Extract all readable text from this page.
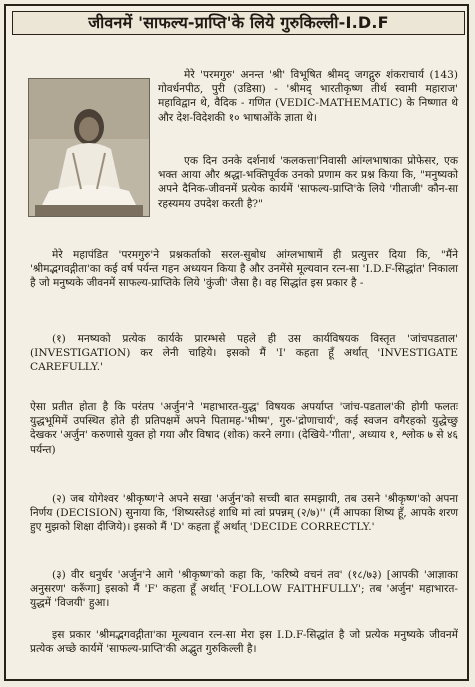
जीवनमें 'साफल्य-प्राप्ति'के लिये गुरुकिल्ली-I.D.F

मेरे 'परमगुरु' अनन्त 'श्री' विभूषित श्रीमद् जगद्गुरु शंकराचार्य (143) गोवर्धनपीठ, पुरी (उडिसा) - 'श्रीमद् भारतीकृष्ण तीर्थ स्वामी महाराज' महाविद्वान थे, वैदिक - गणित (VEDIC-MATHEMATIC) के निष्णात थे और देश-विदेशकी १० भाषाओंके ज्ञाता थे।

एक दिन उनके दर्शनार्थ 'कलकत्ता'निवासी आंग्लभाषाका प्रोफेसर, एक भक्त आया और श्रद्धा-भक्तिपूर्वक उनको प्रणाम कर प्रश्न किया कि, "मनुष्यको अपने दैनिक-जीवनमें प्रत्येक कार्यमें 'साफल्य-प्राप्ति'के लिये 'गीताजी' कौन-सा रहस्यमय उपदेश करती है?"

मेरे महापंडित 'परमगुरु'ने प्रश्नकर्ताको सरल-सुबोध आंग्लभाषामें ही प्रत्युत्तर दिया कि, "मैंने 'श्रीमद्भगवद्गीता'का कई वर्ष पर्यन्त गहन अध्ययन किया है और उनमेंसे मूल्यवान रत्न-सा 'I.D.F-सिद्धांत' निकाला है जो मनुष्यके जीवनमें साफल्य-प्राप्तिके लिये 'कुंजी' जैसा है। वह सिद्धांत इस प्रकार है -

(१) मनष्यको प्रत्येक कार्यके प्रारम्भसे पहले ही उस कार्यविषयक विस्तृत 'जांचपडताल' (INVESTIGATION) कर लेनी चाहिये। इसको मैं 'I' कहता हूँ अर्थात् 'INVESTIGATE CAREFULLY.'

ऐसा प्रतीत होता है कि परंतप 'अर्जुन'ने 'महाभारत-युद्ध' विषयक अपर्याप्त 'जांच-पडताल'की होगी फलतः युद्धभूमिमें उपस्थित होते ही प्रतिपक्षमें अपने पितामह-'भीष्म', गुरु-'द्रोणाचार्य', कई स्वजन वगैरहको युद्धेच्छु देखकर 'अर्जुन' करुणासे युक्त हो गया और विषाद (शोक) करने लगा। (देखिये-'गीता', अध्याय १, श्लोक ७ से ४६ पर्यन्त)

(२) जब योगेश्वर 'श्रीकृष्ण'ने अपने सखा 'अर्जुन'को सच्ची बात समझायी, तब उसने 'श्रीकृष्ण'को अपना निर्णय (DECISION) सुनाया कि, 'शिष्यस्तेऽहं शाधि मां त्वां प्रपन्नम् (२/७)'' (मैं आपका शिष्य हूँ, आपके शरण हुए मुझको शिक्षा दीजिये)। इसको मैं 'D' कहता हूँ अर्थात् 'DECIDE CORRECTLY.'

(३) वीर धनुर्धर 'अर्जुन'ने आगे 'श्रीकृष्ण'को कहा कि, 'करिष्ये वचनं तव' (१८/७३) [आपकी 'आज्ञाका अनुसरण' करूँगा] इसको मैं 'F' कहता हूँ अर्थात् 'FOLLOW FAITHFULLY'; तब 'अर्जुन' महाभारत-युद्धमें 'विजयी' हुआ।

इस प्रकार 'श्रीमद्भगवद्गीता'का मूल्यवान रत्न-सा मेरा इस I.D.F-सिद्धांत है जो प्रत्येक मनुष्यके जीवनमें प्रत्येक अच्छे कार्यमें 'साफल्य-प्राप्ति'की अद्भुत गुरुकिल्ली है।
